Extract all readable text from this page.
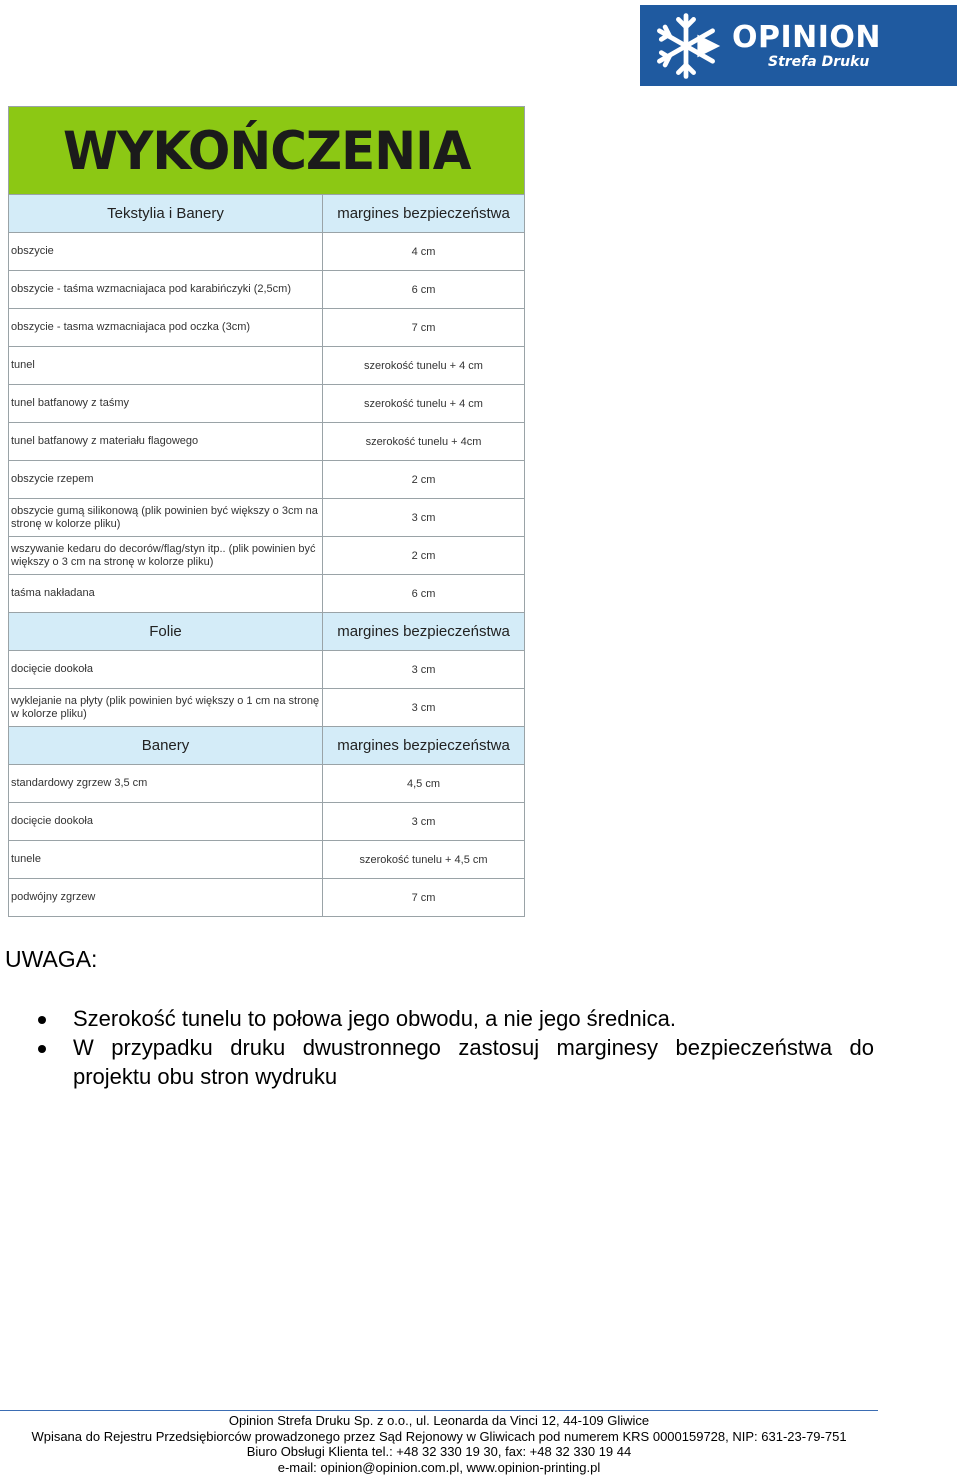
OPINION
Strefa Druku
WYKOŃCZENIA
Tekstylia i Banery	margines bezpieczeństwa
obszycie	4 cm
obszycie - taśma wzmacniajaca pod karabińczyki (2,5cm)	6 cm
obszycie - tasma wzmacniajaca pod oczka (3cm)	7 cm
tunel	szerokość tunelu + 4 cm
tunel batfanowy z taśmy	szerokość tunelu + 4 cm
tunel batfanowy z materiału flagowego	szerokość tunelu + 4cm
obszycie rzepem	2 cm
obszycie gumą silikonową (plik powinien być większy o 3cm na stronę w kolorze pliku)	3 cm
wszywanie kedaru do decorów/flag/styn itp.. (plik powinien być większy o 3 cm na stronę w kolorze pliku)	2 cm
taśma nakładana	6 cm
Folie	margines bezpieczeństwa
docięcie dookoła	3 cm
wyklejanie na płyty (plik powinien być większy o 1 cm na stronę w kolorze pliku)	3 cm
Banery	margines bezpieczeństwa
standardowy zgrzew 3,5 cm	4,5 cm
docięcie dookoła	3 cm
tunele	szerokość tunelu + 4,5 cm
podwójny zgrzew	7 cm
UWAGA:
Szerokość tunelu to połowa jego obwodu, a nie jego średnica.
W przypadku druku dwustronnego zastosuj marginesy bezpieczeństwa do projektu obu stron wydruku
Opinion Strefa Druku Sp. z o.o., ul. Leonarda da Vinci 12, 44-109 Gliwice
Wpisana do Rejestru Przedsiębiorców prowadzonego przez Sąd Rejonowy w Gliwicach pod numerem KRS 0000159728, NIP: 631-23-79-751
Biuro Obsługi Klienta tel.: +48 32 330 19 30, fax: +48 32 330 19 44
e-mail: opinion@opinion.com.pl, www.opinion-printing.pl
